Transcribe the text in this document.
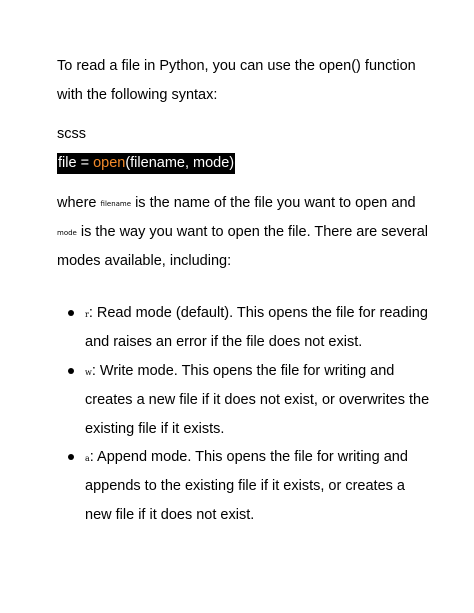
To read a file in Python, you can use the open() function
with the following syntax:
scss
file = open(filename, mode)
where filename is the name of the file you want to open and
mode is the way you want to open the file. There are several
modes available, including:
r: Read mode (default). This opens the file for reading
and raises an error if the file does not exist.
w: Write mode. This opens the file for writing and
creates a new file if it does not exist, or overwrites the
existing file if it exists.
a: Append mode. This opens the file for writing and
appends to the existing file if it exists, or creates a
new file if it does not exist.
